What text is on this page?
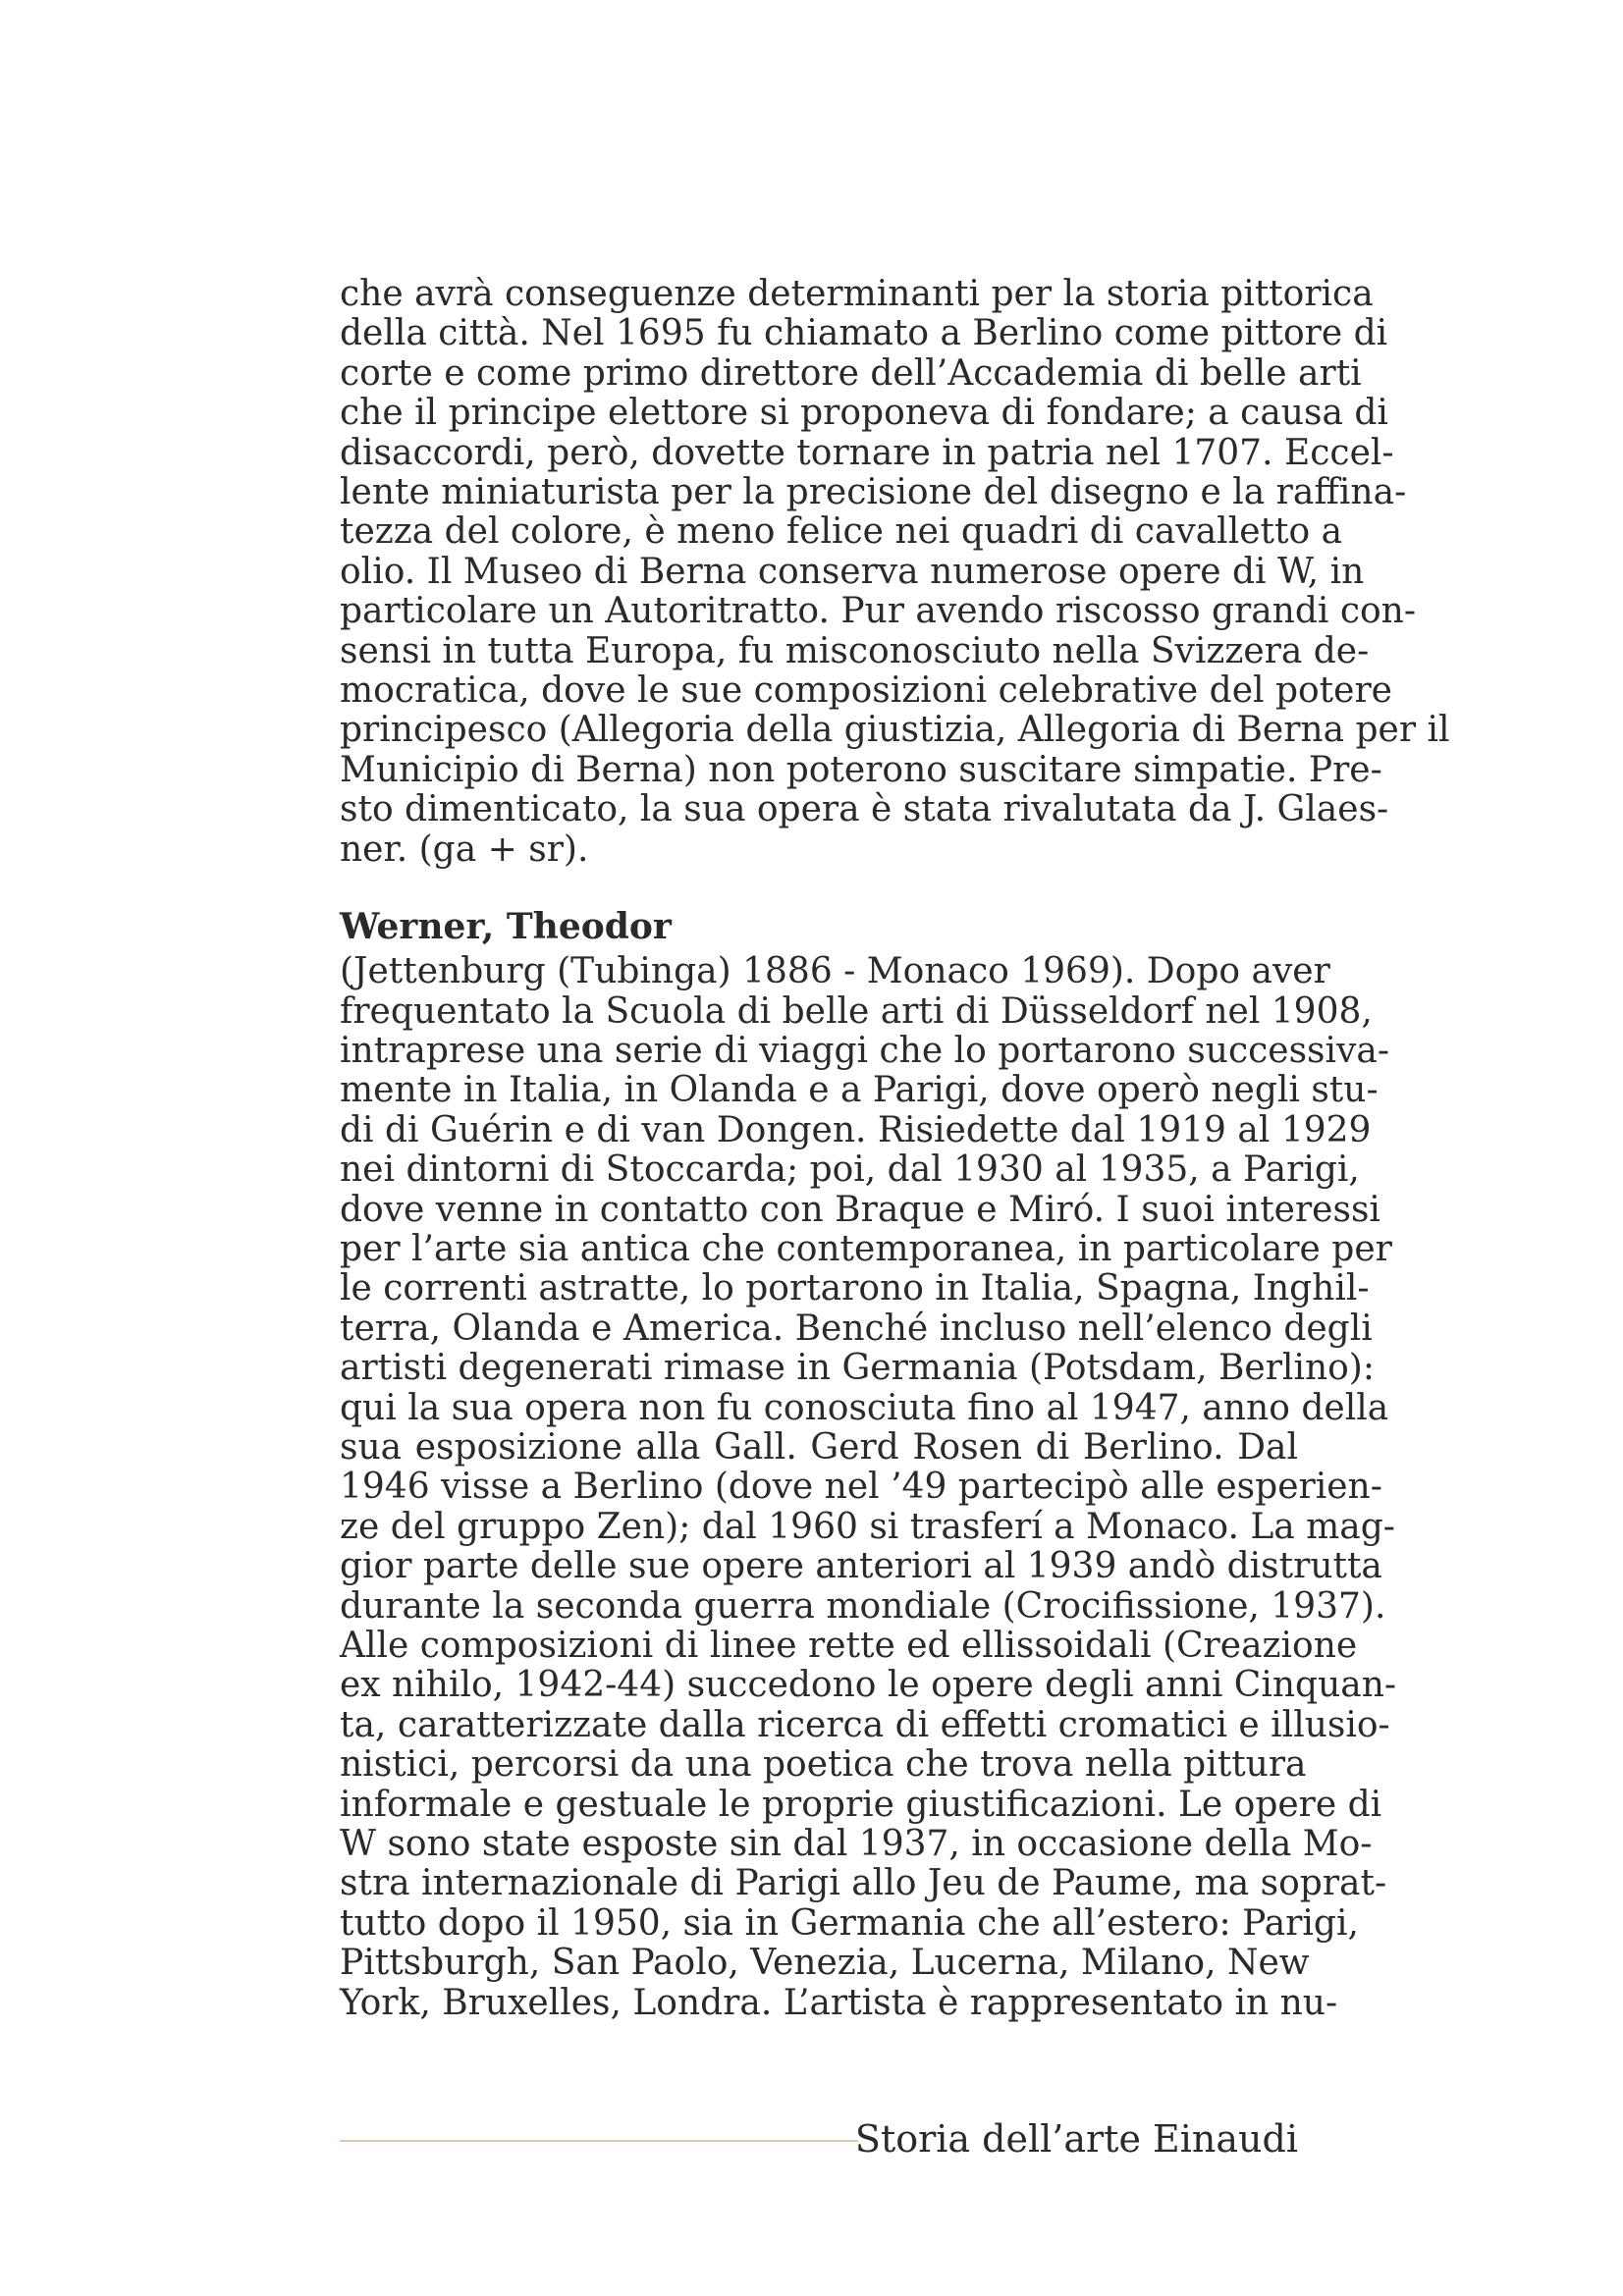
che avrà conseguenze determinanti per la storia pittorica
della città. Nel 1695 fu chiamato a Berlino come pittore di
corte e come primo direttore dell’Accademia di belle arti
che il principe elettore si proponeva di fondare; a causa di
disaccordi, però, dovette tornare in patria nel 1707. Eccel-
lente miniaturista per la precisione del disegno e la raffina-
tezza del colore, è meno felice nei quadri di cavalletto a
olio. Il Museo di Berna conserva numerose opere di W, in
particolare un Autoritratto. Pur avendo riscosso grandi con-
sensi in tutta Europa, fu misconosciuto nella Svizzera de-
mocratica, dove le sue composizioni celebrative del potere
principesco (Allegoria della giustizia, Allegoria di Berna per il
Municipio di Berna) non poterono suscitare simpatie. Pre-
sto dimenticato, la sua opera è stata rivalutata da J. Glaes-
ner. (ga + sr).
Werner, Theodor
(Jettenburg (Tubinga) 1886 - Monaco 1969). Dopo aver
frequentato la Scuola di belle arti di Düsseldorf nel 1908,
intraprese una serie di viaggi che lo portarono successiva-
mente in Italia, in Olanda e a Parigi, dove operò negli stu-
di di Guérin e di van Dongen. Risiedette dal 1919 al 1929
nei dintorni di Stoccarda; poi, dal 1930 al 1935, a Parigi,
dove venne in contatto con Braque e Miró. I suoi interessi
per l’arte sia antica che contemporanea, in particolare per
le correnti astratte, lo portarono in Italia, Spagna, Inghil-
terra, Olanda e America. Benché incluso nell’elenco degli
artisti degenerati rimase in Germania (Potsdam, Berlino):
qui la sua opera non fu conosciuta fino al 1947, anno della
sua esposizione alla Gall. Gerd Rosen di Berlino. Dal
1946 visse a Berlino (dove nel ’49 partecipò alle esperien-
ze del gruppo Zen); dal 1960 si trasferí a Monaco. La mag-
gior parte delle sue opere anteriori al 1939 andò distrutta
durante la seconda guerra mondiale (Crocifissione, 1937).
Alle composizioni di linee rette ed ellissoidali (Creazione
ex nihilo, 1942-44) succedono le opere degli anni Cinquan-
ta, caratterizzate dalla ricerca di effetti cromatici e illusio-
nistici, percorsi da una poetica che trova nella pittura
informale e gestuale le proprie giustificazioni. Le opere di
W sono state esposte sin dal 1937, in occasione della Mo-
stra internazionale di Parigi allo Jeu de Paume, ma soprat-
tutto dopo il 1950, sia in Germania che all’estero: Parigi,
Pittsburgh, San Paolo, Venezia, Lucerna, Milano, New
York, Bruxelles, Londra. L’artista è rappresentato in nu-
Storia dell’arte Einaudi
